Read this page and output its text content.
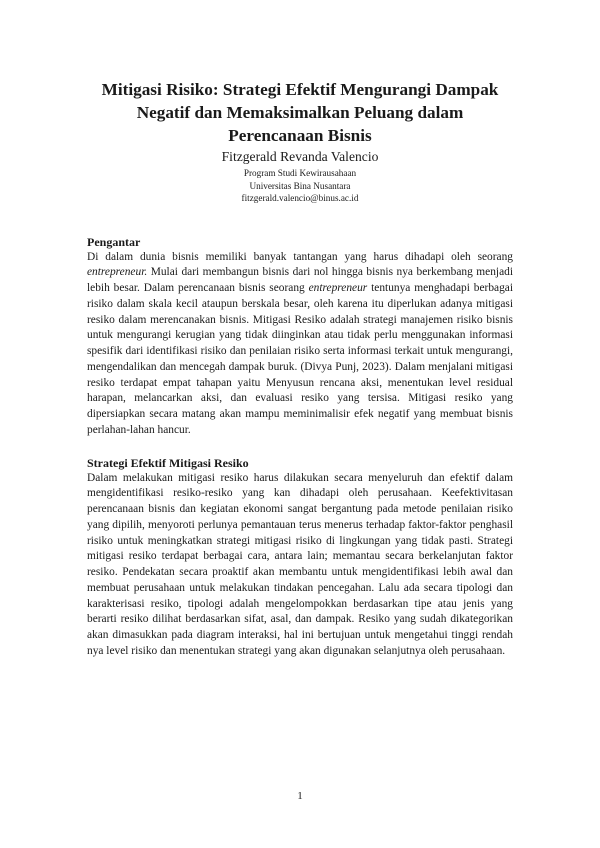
Mitigasi Risiko: Strategi Efektif Mengurangi Dampak Negatif dan Memaksimalkan Peluang dalam Perencanaan Bisnis
Fitzgerald Revanda Valencio
Program Studi Kewirausahaan
Universitas Bina Nusantara
fitzgerald.valencio@binus.ac.id
Pengantar

Di dalam dunia bisnis memiliki banyak tantangan yang harus dihadapi oleh seorang entrepreneur. Mulai dari membangun bisnis dari nol hingga bisnis nya berkembang menjadi lebih besar. Dalam perencanaan bisnis seorang entrepreneur tentunya menghadapi berbagai risiko dalam skala kecil ataupun berskala besar, oleh karena itu diperlukan adanya mitigasi resiko dalam merencanakan bisnis. Mitigasi Resiko adalah strategi manajemen risiko bisnis untuk mengurangi kerugian yang tidak diinginkan atau tidak perlu menggunakan informasi spesifik dari identifikasi risiko dan penilaian risiko serta informasi terkait untuk mengurangi, mengendalikan dan mencegah dampak buruk. (Divya Punj, 2023). Dalam menjalani mitigasi resiko terdapat empat tahapan yaitu Menyusun rencana aksi, menentukan level residual harapan, melancarkan aksi, dan evaluasi resiko yang tersisa. Mitigasi resiko yang dipersiapkan secara matang akan mampu meminimalisir efek negatif yang membuat bisnis perlahan-lahan hancur.

Strategi Efektif Mitigasi Resiko

Dalam melakukan mitigasi resiko harus dilakukan secara menyeluruh dan efektif dalam mengidentifikasi resiko-resiko yang kan dihadapi oleh perusahaan. Keefektivitasan perencanaan bisnis dan kegiatan ekonomi sangat bergantung pada metode penilaian risiko yang dipilih, menyoroti perlunya pemantauan terus menerus terhadap faktor-faktor penghasil risiko untuk meningkatkan strategi mitigasi risiko di lingkungan yang tidak pasti. Strategi mitigasi resiko terdapat berbagai cara, antara lain; memantau secara berkelanjutan faktor resiko. Pendekatan secara proaktif akan membantu untuk mengidentifikasi lebih awal dan membuat perusahaan untuk melakukan tindakan pencegahan. Lalu ada secara tipologi dan karakterisasi resiko, tipologi adalah mengelompokkan berdasarkan tipe atau jenis yang berarti resiko dilihat berdasarkan sifat, asal, dan dampak. Resiko yang sudah dikategorikan akan dimasukkan pada diagram interaksi, hal ini bertujuan untuk mengetahui tinggi rendah nya level risiko dan menentukan strategi yang akan digunakan selanjutnya oleh perusahaan.

1
